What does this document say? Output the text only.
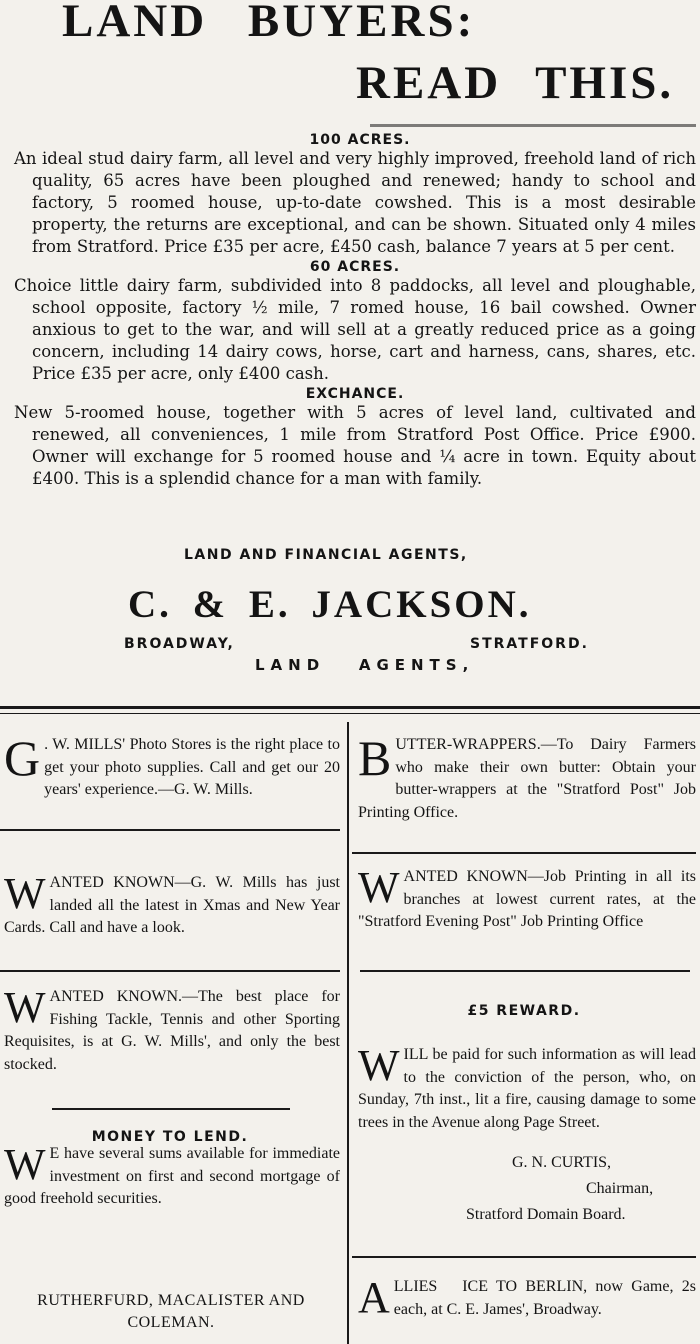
LAND BUYERS:
READ THIS.
100 ACRES.

An ideal stud dairy farm, all level and very highly improved, freehold land of rich quality, 65 acres have been ploughed and renewed; handy to school and factory, 5 roomed house, up-to-date cowshed. This is a most desirable property, the returns are exceptional, and can be shown. Situated only 4 miles from Stratford. Price £35 per acre, £450 cash, balance 7 years at 5 per cent.

60 ACRES.

Choice little dairy farm, subdivided into 8 paddocks, all level and ploughable, school opposite, factory ½ mile, 7 romed house, 16 bail cowshed. Owner anxious to get to the war, and will sell at a greatly reduced price as a going concern, including 14 dairy cows, horse, cart and harness, cans, shares, etc. Price £35 per acre, only £400 cash.

EXCHANCE.

New 5-roomed house, together with 5 acres of level land, cultivated and renewed, all conveniences, 1 mile from Stratford Post Office. Price £900. Owner will exchange for 5 roomed house and ¼ acre in town. Equity about £400. This is a splendid chance for a man with family.

LAND AND FINANCIAL AGENTS,
C. & E. JACKSON.
BROADWAY,	STRATFORD.
LAND   AGENTS,

G . W. MILLS' Photo Stores is the right place to get your photo supplies. Call and get our 20 years' experience.—G. W. Mills.

WANTED KNOWN—G. W. Mills has just landed all the latest in Xmas and New Year Cards. Call and have a look.

WANTED KNOWN.—The best place for Fishing Tackle, Tennis and other Sporting Requisites, is at G. W. Mills', and only the best stocked.

MONEY TO LEND.

W E have several sums available for immediate investment on first and second mortgage of good freehold securities.

RUTHERFURD, MACALISTER AND COLEMAN.

BUTTER-WRAPPERS.—To Dairy Farmers who make their own butter: Obtain your butter-wrappers at the "Stratford Post" Job Printing Office.

WANTED KNOWN—Job Printing in all its branches at lowest current rates, at the "Stratford Evening Post" Job Printing Office

£5 REWARD.

WILL be paid for such information as will lead to the conviction of the person, who, on Sunday, 7th inst., lit a fire, causing damage to some trees in the Avenue along Page Street.

G. N. CURTIS,
Chairman,
Stratford Domain Board.

ALLIES ‍ ‍ ICE TO BERLIN, now Game, 2s each, at C. E. James', Broadway.
